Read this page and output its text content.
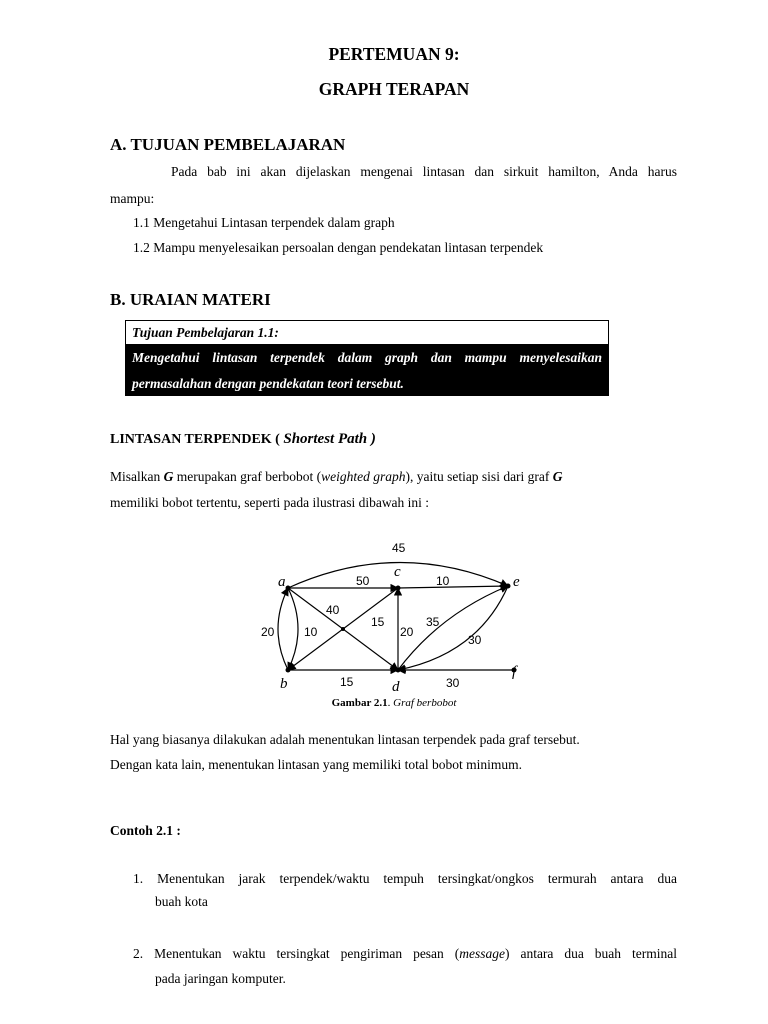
PERTEMUAN 9:
GRAPH TERAPAN
A. TUJUAN PEMBELAJARAN
Pada bab ini akan dijelaskan mengenai lintasan dan sirkuit hamilton, Anda harus
mampu:
1.1 Mengetahui Lintasan terpendek dalam graph
1.2 Mampu menyelesaikan persoalan dengan pendekatan lintasan terpendek
B. URAIAN MATERI
Tujuan Pembelajaran 1.1:
Mengetahui lintasan terpendek dalam graph dan mampu menyelesaikan
permasalahan dengan pendekatan teori tersebut.
LINTASAN TERPENDEK ( Shortest Path )
Misalkan G merupakan graf berbobot (weighted graph), yaitu setiap sisi dari graf G
memiliki bobot tertentu, seperti pada ilustrasi dibawah ini :
a
b
c
d
e
f
45
50	10
40
15
20 10	20
35
30
15	30
Gambar 2.1. Graf berbobot
Hal yang biasanya dilakukan adalah menentukan lintasan terpendek pada graf tersebut.
Dengan kata lain, menentukan lintasan yang memiliki total bobot minimum.
Contoh 2.1 :
1. Menentukan jarak terpendek/waktu tempuh tersingkat/ongkos termurah antara dua
buah kota
2. Menentukan waktu tersingkat pengiriman pesan (message) antara dua buah terminal
pada jaringan komputer.
